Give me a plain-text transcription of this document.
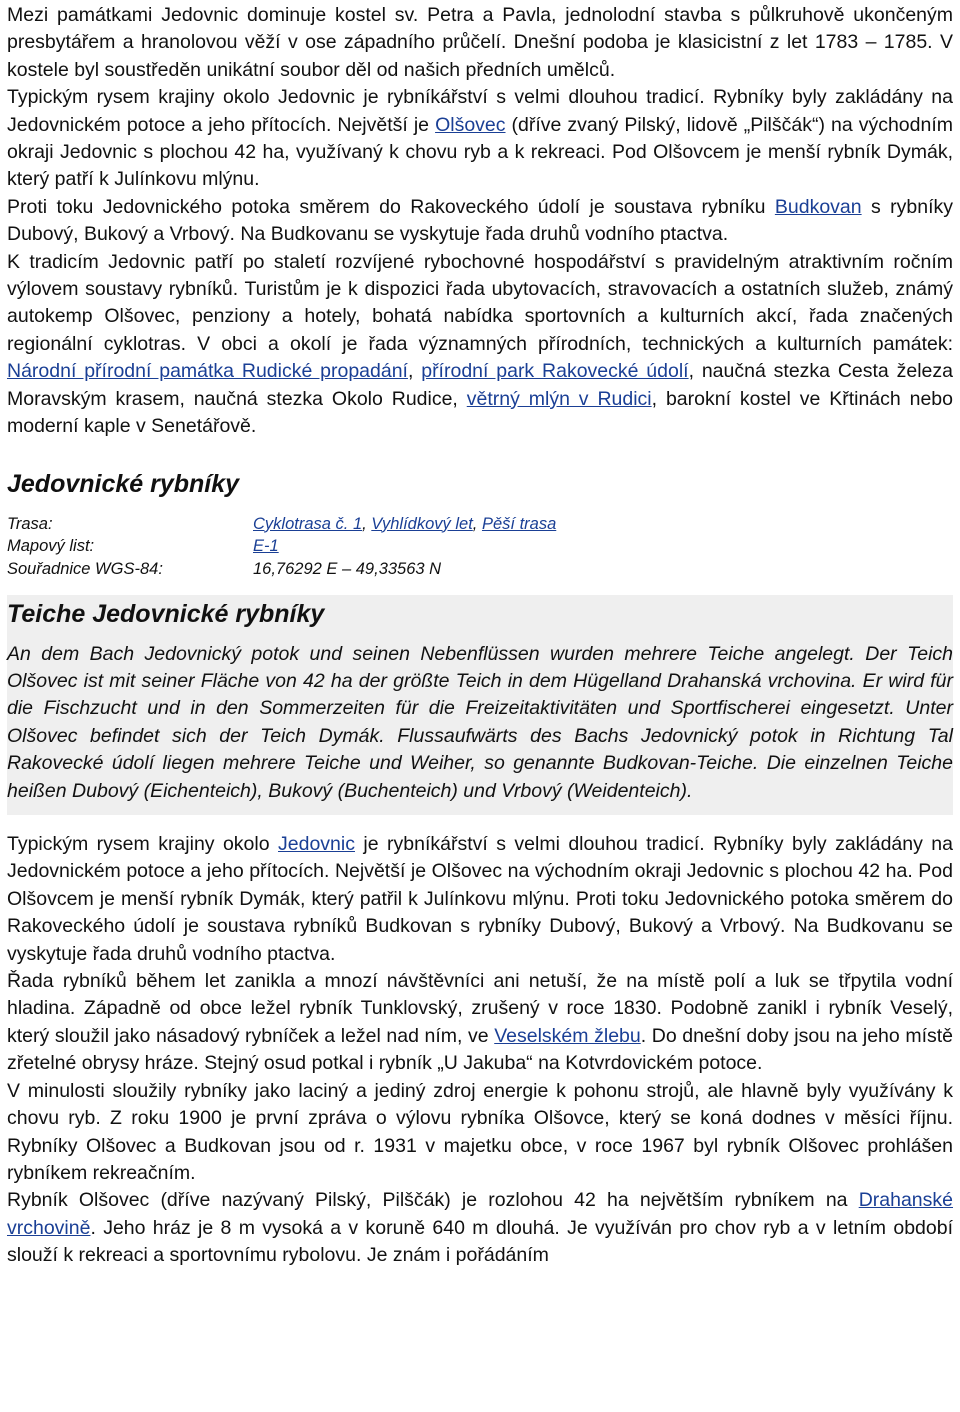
Mezi památkami Jedovnic dominuje kostel sv. Petra a Pavla, jednolodní stavba s půlkruhově ukončeným presbytářem a hranolovou věží v ose západního průčelí. Dnešní podoba je klasicistní z let 1783 – 1785. V kostele byl soustředěn unikátní soubor děl od našich předních umělců.

Typickým rysem krajiny okolo Jedovnic je rybníkářství s velmi dlouhou tradicí. Rybníky byly zakládány na Jedovnickém potoce a jeho přítocích. Největší je Olšovec (dříve zvaný Pilský, lidově „Pilščák“) na východním okraji Jedovnic s plochou 42 ha, využívaný k chovu ryb a k rekreaci. Pod Olšovcem je menší rybník Dymák, který patří k Julínkovu mlýnu.

Proti toku Jedovnického potoka směrem do Rakoveckého údolí je soustava rybníku Budkovan s rybníky Dubový, Bukový a Vrbový. Na Budkovanu se vyskytuje řada druhů vodního ptactva.

K tradicím Jedovnic patří po staletí rozvíjené rybochovné hospodářství s pravidelným atraktivním ročním výlovem soustavy rybníků. Turistům je k dispozici řada ubytovacích, stravovacích a ostatních služeb, známý autokemp Olšovec, penziony a hotely, bohatá nabídka sportovních a kulturních akcí, řada značených regionální cyklotras. V obci a okolí je řada významných přírodních, technických a kulturních památek: Národní přírodní památka Rudické propadání, přírodní park Rakovecké údolí, naučná stezka Cesta železa Moravským krasem, naučná stezka Okolo Rudice, větrný mlýn v Rudici, barokní kostel ve Křtinách nebo moderní kaple v Senetářově.

Jedovnické rybníky
Trasa:	Cyklotrasa č. 1, Vyhlídkový let, Pěší trasa
Mapový list:	E-1
Souřadnice WGS-84:	16,76292 E – 49,33563 N
Teiche Jedovnické rybníky

An dem Bach Jedovnický potok und seinen Nebenflüssen wurden mehrere Teiche angelegt. Der Teich Olšovec ist mit seiner Fläche von 42 ha der größte Teich in dem Hügelland Drahanská vrchovina. Er wird für die Fischzucht und in den Sommerzeiten für die Freizeitaktivitäten und Sportfischerei eingesetzt. Unter Olšovec befindet sich der Teich Dymák. Flussaufwärts des Bachs Jedovnický potok in Richtung Tal Rakovecké údolí liegen mehrere Teiche und Weiher, so genannte Budkovan-Teiche. Die einzelnen Teiche heißen Dubový (Eichenteich), Bukový (Buchenteich) und Vrbový (Weidenteich).

Typickým rysem krajiny okolo Jedovnic je rybníkářství s velmi dlouhou tradicí. Rybníky byly zakládány na Jedovnickém potoce a jeho přítocích. Největší je Olšovec na východním okraji Jedovnic s plochou 42 ha. Pod Olšovcem je menší rybník Dymák, který patřil k Julínkovu mlýnu. Proti toku Jedovnického potoka směrem do Rakoveckého údolí je soustava rybníků Budkovan s rybníky Dubový, Bukový a Vrbový. Na Budkovanu se vyskytuje řada druhů vodního ptactva.

Řada rybníků během let zanikla a mnozí návštěvníci ani netuší, že na místě polí a luk se třpytila vodní hladina. Západně od obce ležel rybník Tunklovský, zrušený v roce 1830. Podobně zanikl i rybník Veselý, který sloužil jako násadový rybníček a ležel nad ním, ve Veselském žlebu. Do dnešní doby jsou na jeho místě zřetelné obrysy hráze. Stejný osud potkal i rybník „U Jakuba“ na Kotvrdovickém potoce.

V minulosti sloužily rybníky jako laciný a jediný zdroj energie k pohonu strojů, ale hlavně byly využívány k chovu ryb. Z roku 1900 je první zpráva o výlovu rybníka Olšovce, který se koná dodnes v měsíci říjnu. Rybníky Olšovec a Budkovan jsou od r. 1931 v majetku obce, v roce 1967 byl rybník Olšovec prohlášen rybníkem rekreačním.

Rybník Olšovec (dříve nazývaný Pilský, Pilščák) je rozlohou 42 ha největším rybníkem na Drahanské vrchovině. Jeho hráz je 8 m vysoká a v koruně 640 m dlouhá. Je využíván pro chov ryb a v letním období slouží k rekreaci a sportovnímu rybolovu. Je znám i pořádáním
